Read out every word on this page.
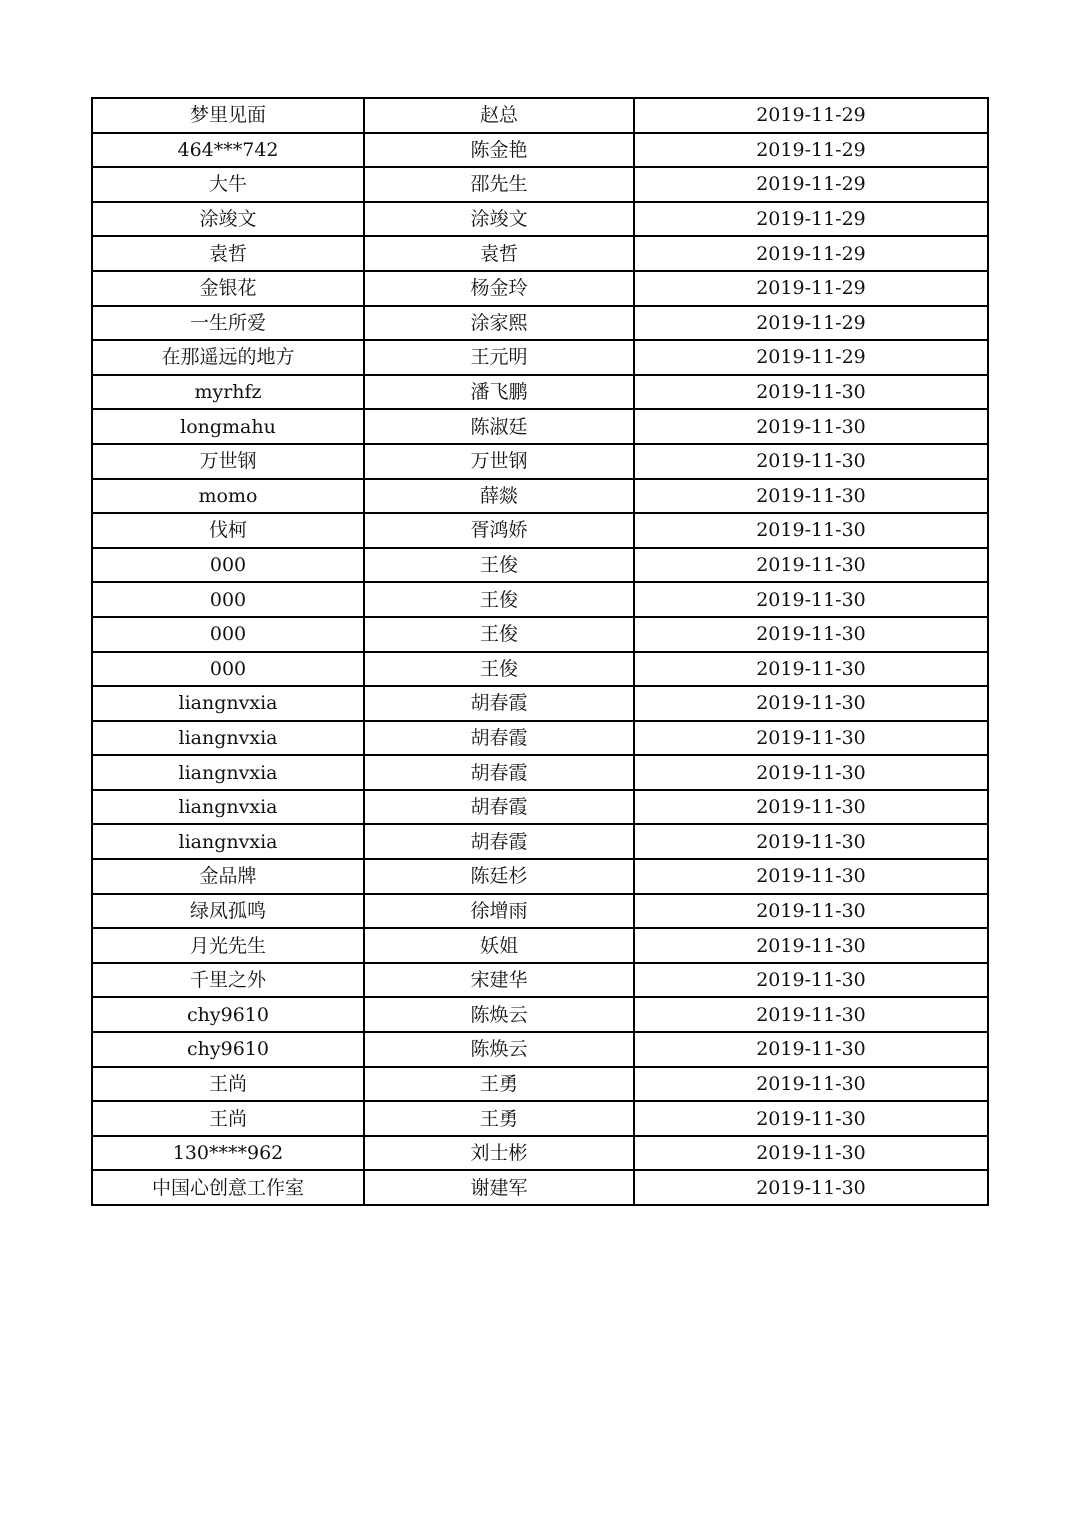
梦里见面	赵总	2019-11-29
464***742	陈金艳	2019-11-29
大牛	邵先生	2019-11-29
涂竣文	涂竣文	2019-11-29
袁哲	袁哲	2019-11-29
金银花	杨金玲	2019-11-29
一生所爱	涂家熙	2019-11-29
在那遥远的地方	王元明	2019-11-29
myrhfz	潘飞鹏	2019-11-30
longmahu	陈淑廷	2019-11-30
万世钢	万世钢	2019-11-30
momo	薛燚	2019-11-30
伐柯	胥鸿娇	2019-11-30
000	王俊	2019-11-30
000	王俊	2019-11-30
000	王俊	2019-11-30
000	王俊	2019-11-30
liangnvxia	胡春霞	2019-11-30
liangnvxia	胡春霞	2019-11-30
liangnvxia	胡春霞	2019-11-30
liangnvxia	胡春霞	2019-11-30
liangnvxia	胡春霞	2019-11-30
金品牌	陈廷杉	2019-11-30
绿凤孤鸣	徐增雨	2019-11-30
月光先生	妖姐	2019-11-30
千里之外	宋建华	2019-11-30
chy9610	陈焕云	2019-11-30
chy9610	陈焕云	2019-11-30
王尚	王勇	2019-11-30
王尚	王勇	2019-11-30
130****962	刘士彬	2019-11-30
中国心创意工作室	谢建军	2019-11-30
